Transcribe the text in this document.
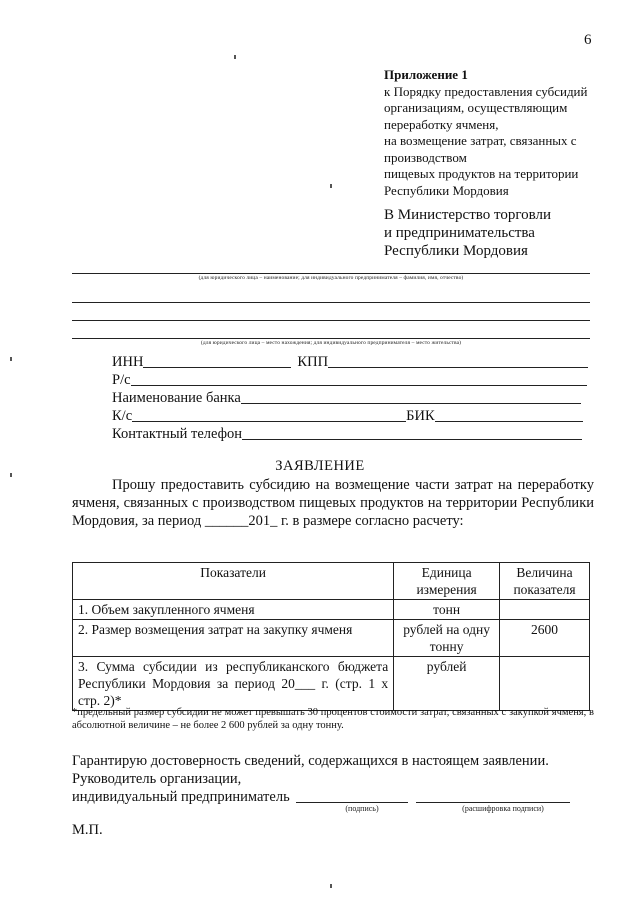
6
Приложение 1
к Порядку предоставления субсидий
организациям, осуществляющим
переработку ячменя,
на возмещение затрат, связанных с
производством
пищевых продуктов на территории
Республики Мордовия
В Министерство торговли
и предпринимательства
Республики Мордовия
(для юридического лица – наименование; для индивидуального предпринимателя – фамилия, имя, отчество)
(для юридического лица – место нахождения; для индивидуального предпринимателя – место жительства)
ИНН	КПП
Р/с
Наименование банка
К/с	БИК
Контактный телефон
ЗАЯВЛЕНИЕ

Прошу предоставить субсидию на возмещение части затрат на переработку ячменя, связанных с производством пищевых продуктов на территории Республики Мордовия, за период ______201_ г. в размере согласно расчету:

Показатели	Единица измерения	Величина показателя
1. Объем закупленного ячменя	тонн	
2. Размер возмещения затрат на закупку ячменя	рублей на одну тонну	2600
3. Сумма субсидии из республиканского бюджета Республики Мордовия за период 20___ г. (стр. 1 х стр. 2)*	рублей	
*предельный размер субсидии не может превышать 30 процентов стоимости затрат, связанных с закупкой ячменя, в абсолютной величине – не более 2 600 рублей за одну тонну.
Гарантирую достоверность сведений, содержащихся в настоящем заявлении.
Руководитель организации,
индивидуальный предприниматель
(подпись)	(расшифровка подписи)
М.П.
